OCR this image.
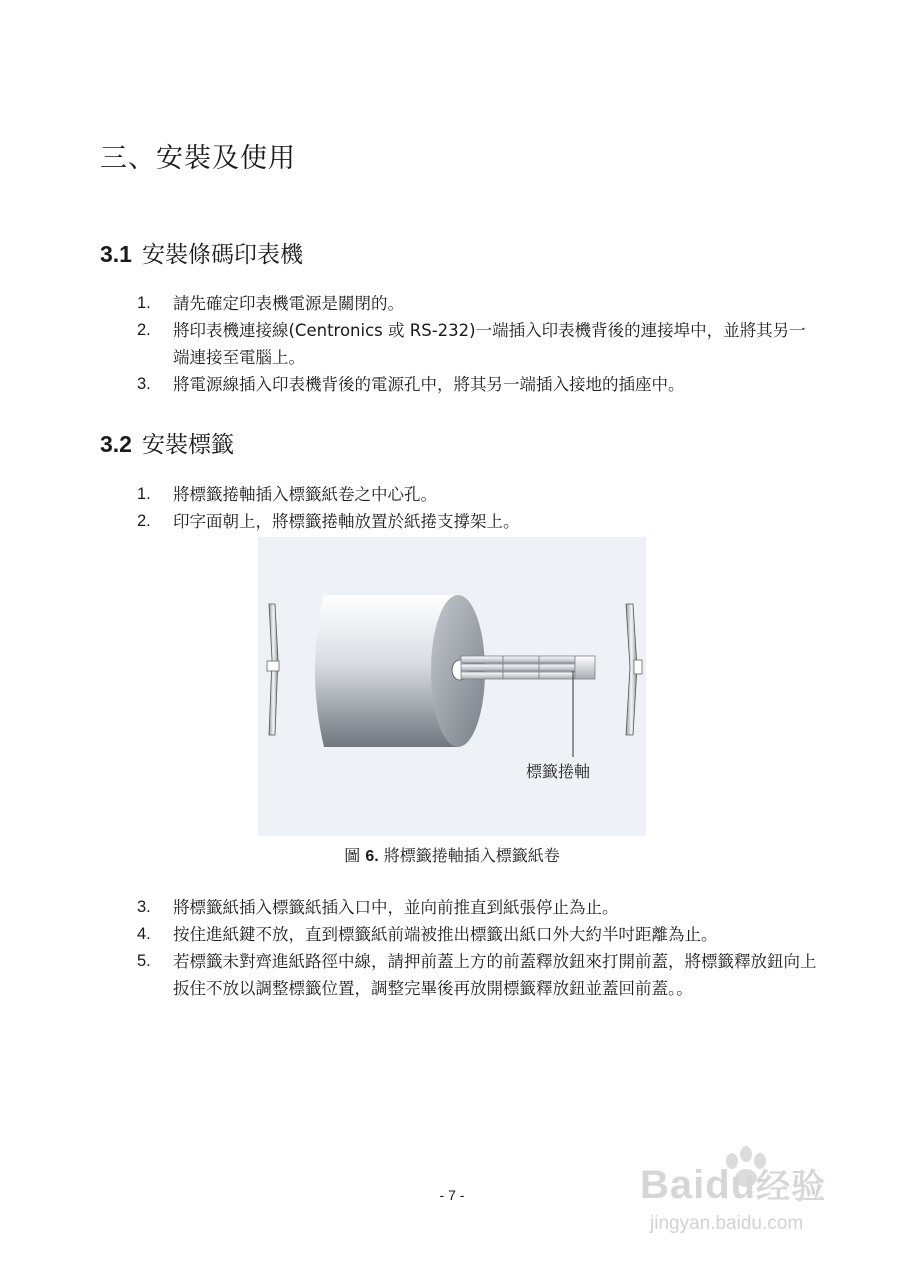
三、安裝及使用
3.1 安裝條碼印表機
1. 請先確定印表機電源是關閉的。
2. 將印表機連接線(Centronics 或 RS-232)一端插入印表機背後的連接埠中，並將其另一端連接至電腦上。
3. 將電源線插入印表機背後的電源孔中，將其另一端插入接地的插座中。
3.2 安裝標籤
1. 將標籤捲軸插入標籤紙卷之中心孔。
2. 印字面朝上，將標籤捲軸放置於紙捲支撐架上。
標籤捲軸
圖 6. 將標籤捲軸插入標籤紙卷
3. 將標籤紙插入標籤紙插入口中，並向前推直到紙張停止為止。
4. 按住進紙鍵不放，直到標籤紙前端被推出標籤出紙口外大約半吋距離為止。
5. 若標籤未對齊進紙路徑中線，請押前蓋上方的前蓋釋放鈕來打開前蓋，將標籤釋放鈕向上扳住不放以調整標籤位置，調整完畢後再放開標籤釋放鈕並蓋回前蓋。。
- 7 -	Baidu经验
jingyan.baidu.com
